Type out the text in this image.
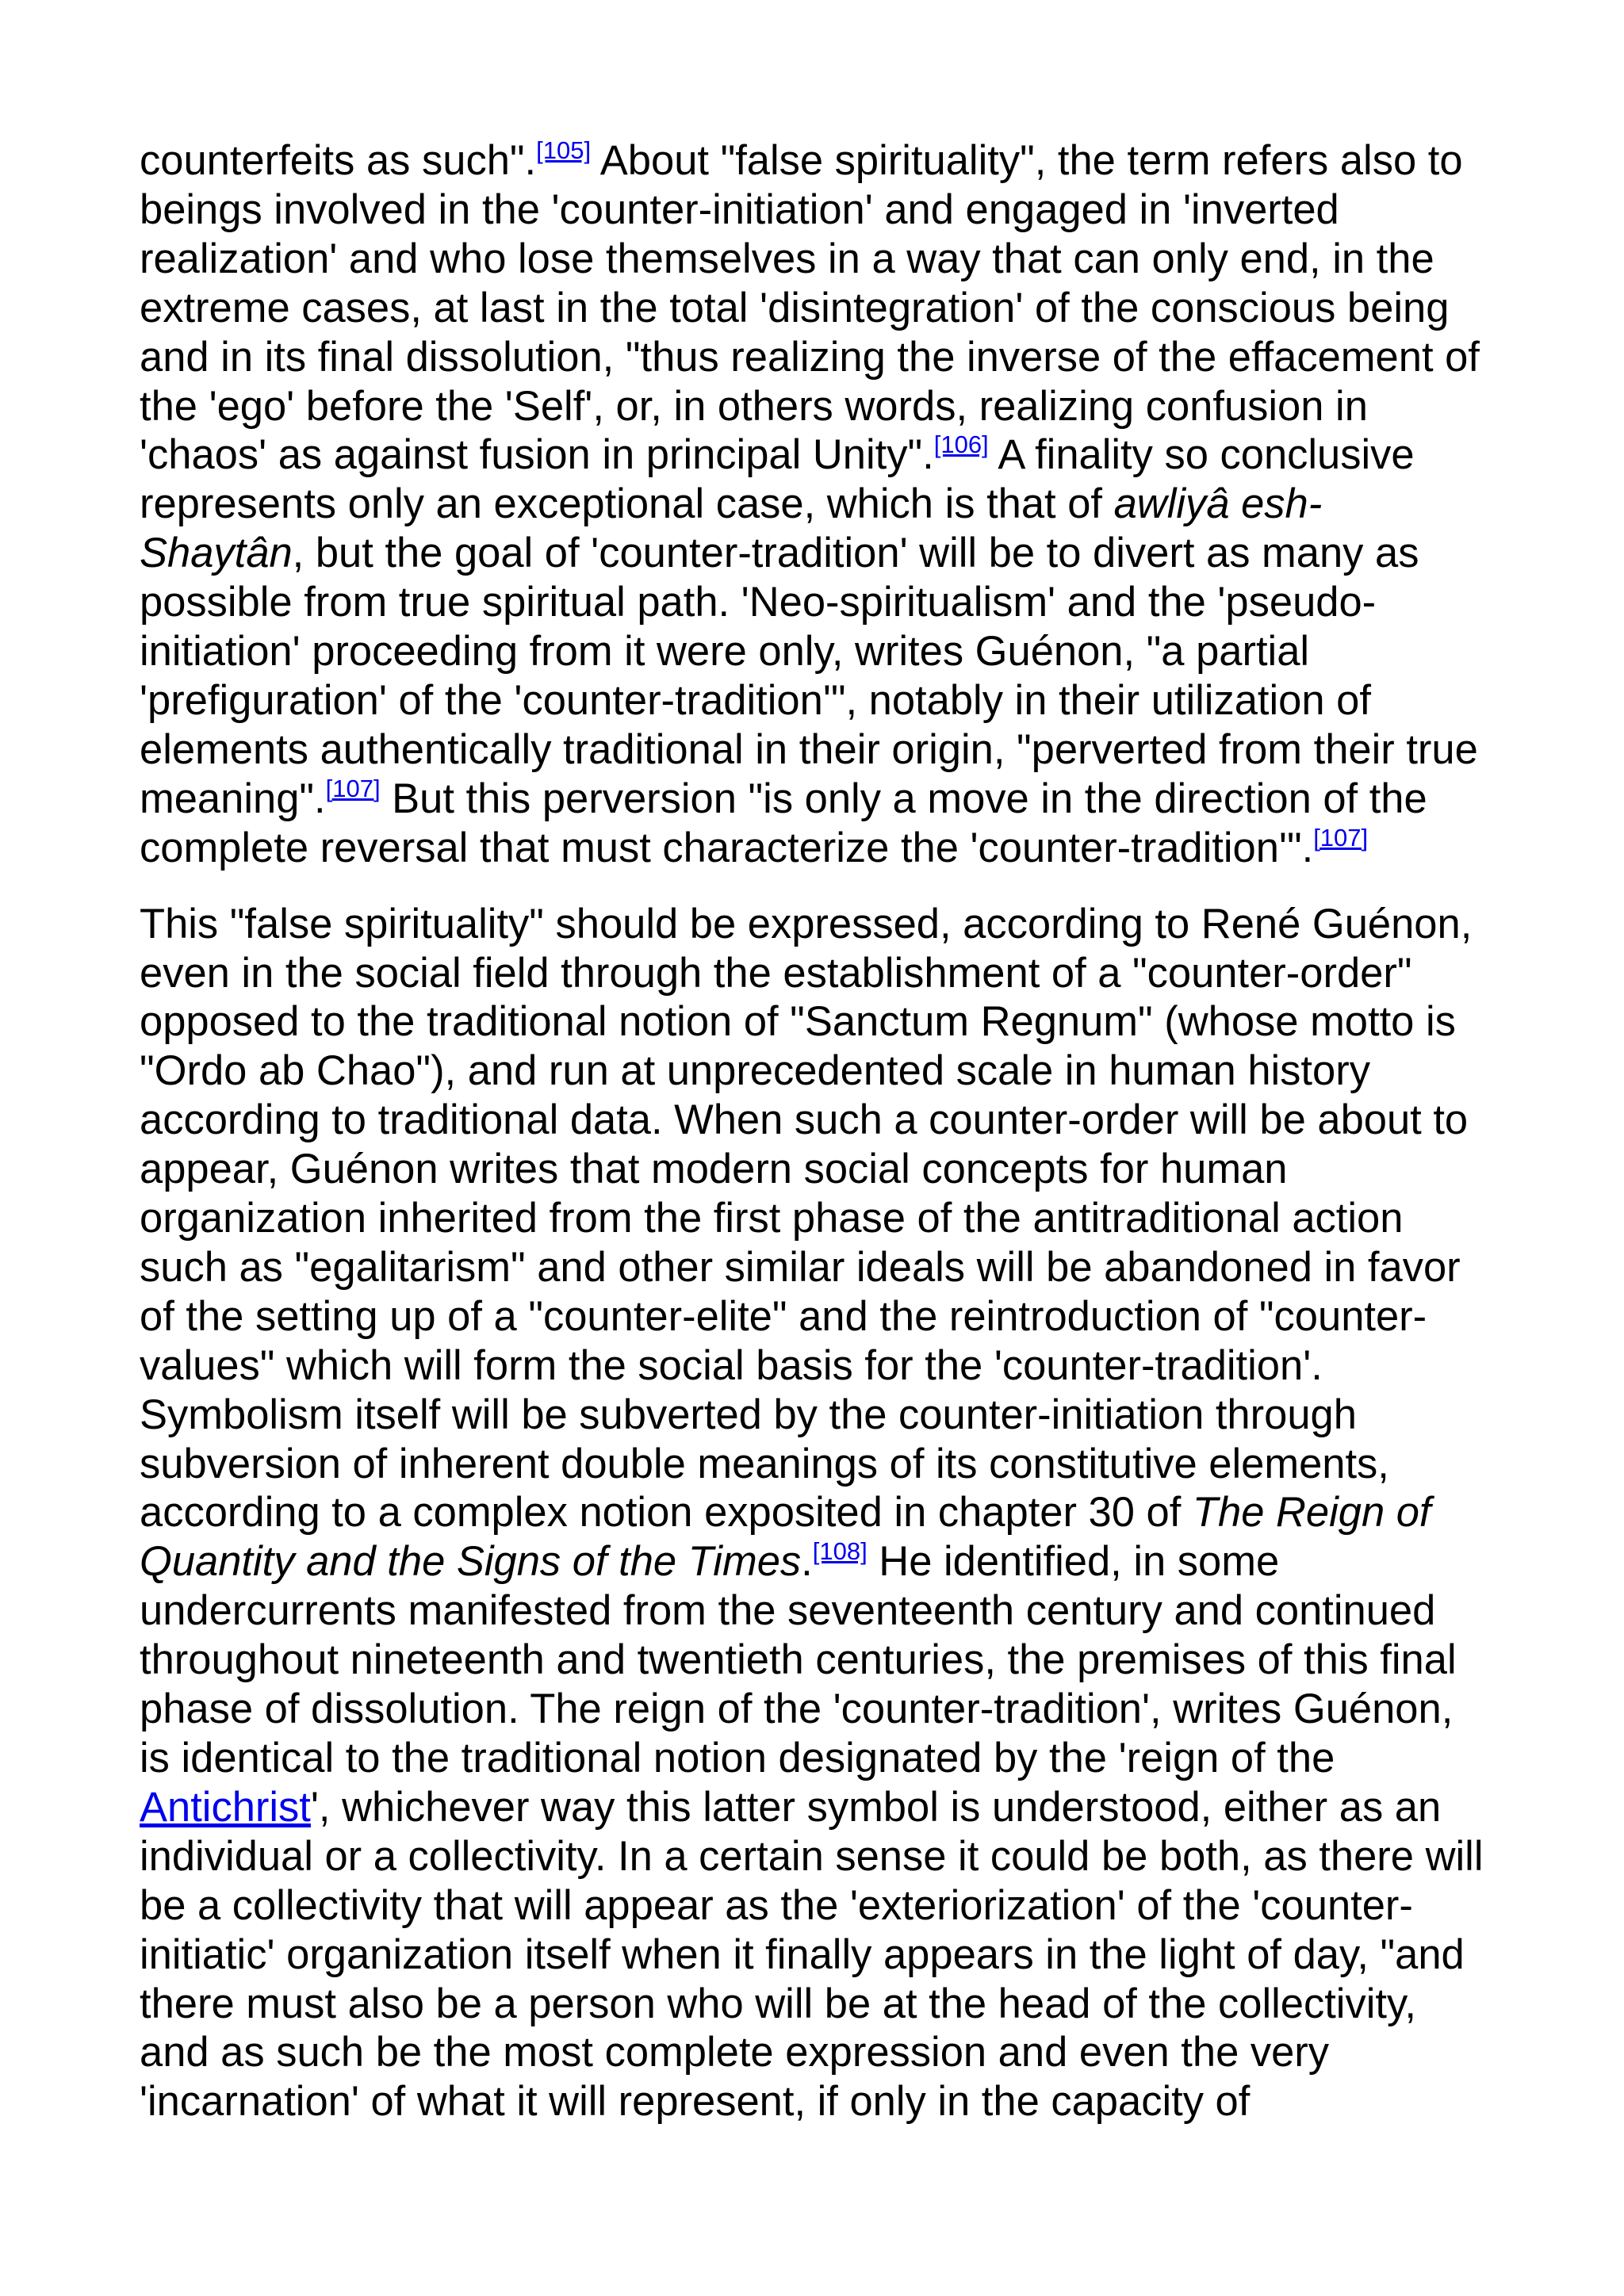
counterfeits as such".[105] About "false spirituality", the term refers also to beings involved in the 'counter-initiation' and engaged in 'inverted realization' and who lose themselves in a way that can only end, in the extreme cases, at last in the total 'disintegration' of the conscious being and in its final dissolution, "thus realizing the inverse of the effacement of the 'ego' before the 'Self', or, in others words, realizing confusion in 'chaos' as against fusion in principal Unity".[106] A finality so conclusive represents only an exceptional case, which is that of awliyâ esh-Shaytân, but the goal of 'counter-tradition' will be to divert as many as possible from true spiritual path. 'Neo-spiritualism' and the 'pseudo-initiation' proceeding from it were only, writes Guénon, "a partial 'prefiguration' of the 'counter-tradition'", notably in their utilization of elements authentically traditional in their origin, "perverted from their true meaning".[107] But this perversion "is only a move in the direction of the complete reversal that must characterize the 'counter-tradition'".[107]

This "false spirituality" should be expressed, according to René Guénon, even in the social field through the establishment of a "counter-order" opposed to the traditional notion of "Sanctum Regnum" (whose motto is "Ordo ab Chao"), and run at unprecedented scale in human history according to traditional data. When such a counter-order will be about to appear, Guénon writes that modern social concepts for human organization inherited from the first phase of the antitraditional action such as "egalitarism" and other similar ideals will be abandoned in favor of the setting up of a "counter-elite" and the reintroduction of "counter-values" which will form the social basis for the 'counter-tradition'. Symbolism itself will be subverted by the counter-initiation through subversion of inherent double meanings of its constitutive elements, according to a complex notion exposited in chapter 30 of The Reign of Quantity and the Signs of the Times.[108] He identified, in some undercurrents manifested from the seventeenth century and continued throughout nineteenth and twentieth centuries, the premises of this final phase of dissolution. The reign of the 'counter-tradition', writes Guénon, is identical to the traditional notion designated by the 'reign of the Antichrist', whichever way this latter symbol is understood, either as an individual or a collectivity. In a certain sense it could be both, as there will be a collectivity that will appear as the 'exteriorization' of the 'counter-initiatic' organization itself when it finally appears in the light of day, "and there must also be a person who will be at the head of the collectivity, and as such be the most complete expression and even the very 'incarnation' of what it will represent, if only in the capacity of
